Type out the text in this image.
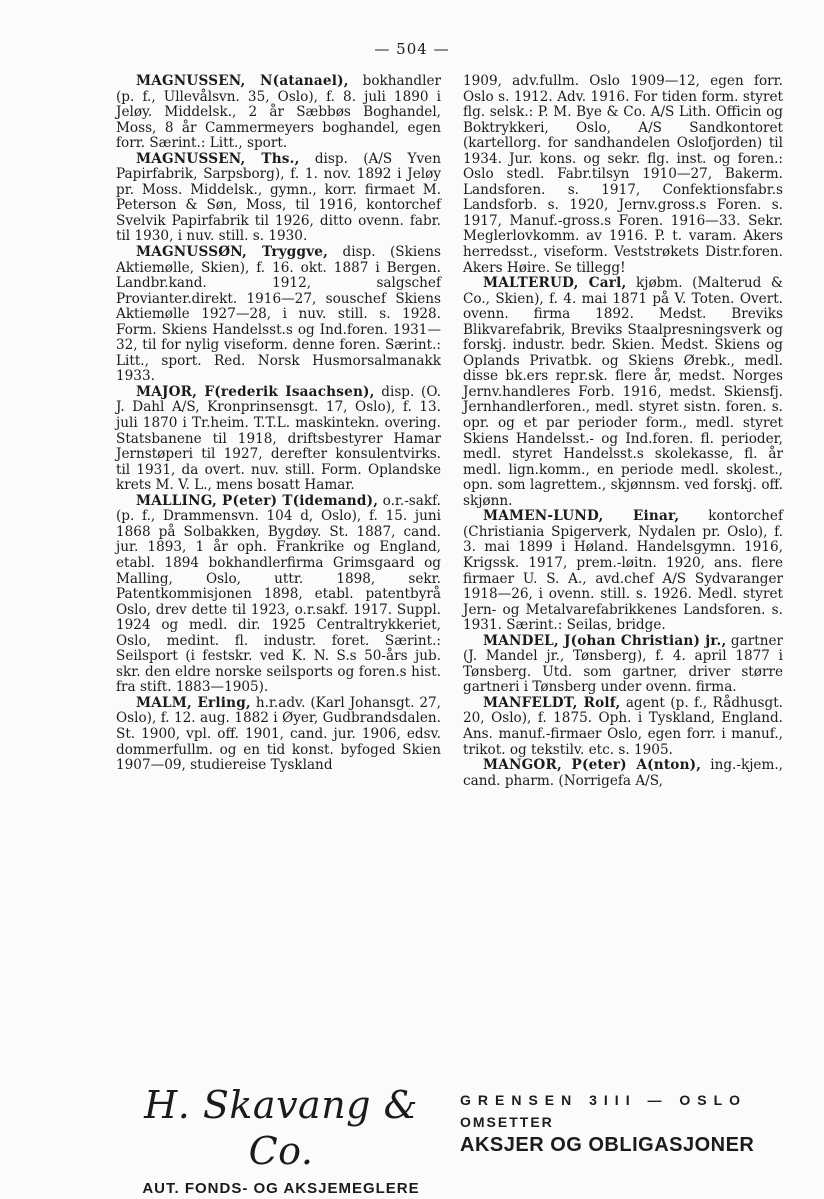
— 504 —

MAGNUSSEN, N(atanael), bokhandler (p. f., Ullevålsvn. 35, Oslo), f. 8. juli 1890 i Jeløy. Middelsk., 2 år Sæbbøs Boghandel, Moss, 8 år Cammermeyers boghandel, egen forr. Særint.: Litt., sport.

MAGNUSSEN, Ths., disp. (A/S Yven Papirfabrik, Sarpsborg), f. 1. nov. 1892 i Jeløy pr. Moss. Middelsk., gymn., korr. firmaet M. Peterson & Søn, Moss, til 1916, kontorchef Svelvik Papirfabrik til 1926, ditto ovenn. fabr. til 1930, i nuv. still. s. 1930.

MAGNUSSØN, Tryggve, disp. (Skiens Aktiemølle, Skien), f. 16. okt. 1887 i Bergen. Landbr.kand. 1912, salgschef Provianter.direkt. 1916—27, souschef Skiens Aktiemølle 1927—28, i nuv. still. s. 1928. Form. Skiens Handelsst.s og Ind.foren. 1931—32, til for nylig viseform. denne foren. Særint.: Litt., sport. Red. Norsk Husmorsalmanakk 1933.

MAJOR, F(rederik Isaachsen), disp. (O. J. Dahl A/S, Kronprinsensgt. 17, Oslo), f. 13. juli 1870 i Tr.heim. T.T.L. maskintekn. overing. Statsbanene til 1918, driftsbestyrer Hamar Jernstøperi til 1927, derefter konsulentvirks. til 1931, da overt. nuv. still. Form. Oplandske krets M. V. L., mens bosatt Hamar.

MALLING, P(eter) T(idemand), o.r.-sakf. (p. f., Drammensvn. 104 d, Oslo), f. 15. juni 1868 på Solbakken, Bygdøy. St. 1887, cand. jur. 1893, 1 år oph. Frankrike og England, etabl. 1894 bokhandlerfirma Grimsgaard og Malling, Oslo, uttr. 1898, sekr. Patentkommisjonen 1898, etabl. patentbyrå Oslo, drev dette til 1923, o.r.sakf. 1917. Suppl. 1924 og medl. dir. 1925 Centraltrykkeriet, Oslo, medint. fl. industr. foret. Særint.: Seilsport (i festskr. ved K. N. S.s 50-års jub. skr. den eldre norske seilsports og foren.s hist. fra stift. 1883—1905).

MALM, Erling, h.r.adv. (Karl Johansgt. 27, Oslo), f. 12. aug. 1882 i Øyer, Gudbrandsdalen. St. 1900, vpl. off. 1901, cand. jur. 1906, edsv. dommerfullm. og en tid konst. byfoged Skien 1907—09, studiereise Tyskland

1909, adv.fullm. Oslo 1909—12, egen forr. Oslo s. 1912. Adv. 1916. For tiden form. styret flg. selsk.: P. M. Bye & Co. A/S Lith. Officin og Boktrykkeri, Oslo, A/S Sandkontoret (kartellorg. for sandhandelen Oslofjorden) til 1934. Jur. kons. og sekr. flg. inst. og foren.: Oslo stedl. Fabr.tilsyn 1910—27, Bakerm. Landsforen. s. 1917, Confektionsfabr.s Landsforb. s. 1920, Jernv.gross.s Foren. s. 1917, Manuf.-gross.s Foren. 1916—33. Sekr. Meglerlovkomm. av 1916. P. t. varam. Akers herredsst., viseform. Veststrøkets Distr.foren. Akers Høire. Se tillegg!

MALTERUD, Carl, kjøbm. (Malterud & Co., Skien), f. 4. mai 1871 på V. Toten. Overt. ovenn. firma 1892. Medst. Breviks Blikvarefabrik, Breviks Staalpresningsverk og forskj. industr. bedr. Skien. Medst. Skiens og Oplands Privatbk. og Skiens Ørebk., medl. disse bk.ers repr.sk. flere år, medst. Norges Jernv.handleres Forb. 1916, medst. Skiensfj. Jernhandlerforen., medl. styret sistn. foren. s. opr. og et par perioder form., medl. styret Skiens Handelsst.- og Ind.foren. fl. perioder, medl. styret Handelsst.s skolekasse, fl. år medl. lign.komm., en periode medl. skolest., opn. som lagrettem., skjønnsm. ved forskj. off. skjønn.

MAMEN-LUND, Einar, kontorchef (Christiania Spigerverk, Nydalen pr. Oslo), f. 3. mai 1899 i Høland. Handelsgymn. 1916, Krigssk. 1917, prem.-løitn. 1920, ans. flere firmaer U. S. A., avd.chef A/S Sydvaranger 1918—26, i ovenn. still. s. 1926. Medl. styret Jern- og Metalvarefabrikkenes Landsforen. s. 1931. Særint.: Seilas, bridge.

MANDEL, J(ohan Christian) jr., gartner (J. Mandel jr., Tønsberg), f. 4. april 1877 i Tønsberg. Utd. som gartner, driver større gartneri i Tønsberg under ovenn. firma.

MANFELDT, Rolf, agent (p. f., Rådhusgt. 20, Oslo), f. 1875. Oph. i Tyskland, England. Ans. manuf.-firmaer Oslo, egen forr. i manuf., trikot. og tekstilv. etc. s. 1905.

MANGOR, P(eter) A(nton), ing.-kjem., cand. pharm. (Norrigefa A/S,

H. Skavang & Co.
AUT. FONDS- OG AKSJEMEGLERE
GRENSEN 3III — OSLO
OMSETTER
AKSJER OG OBLIGASJONER
